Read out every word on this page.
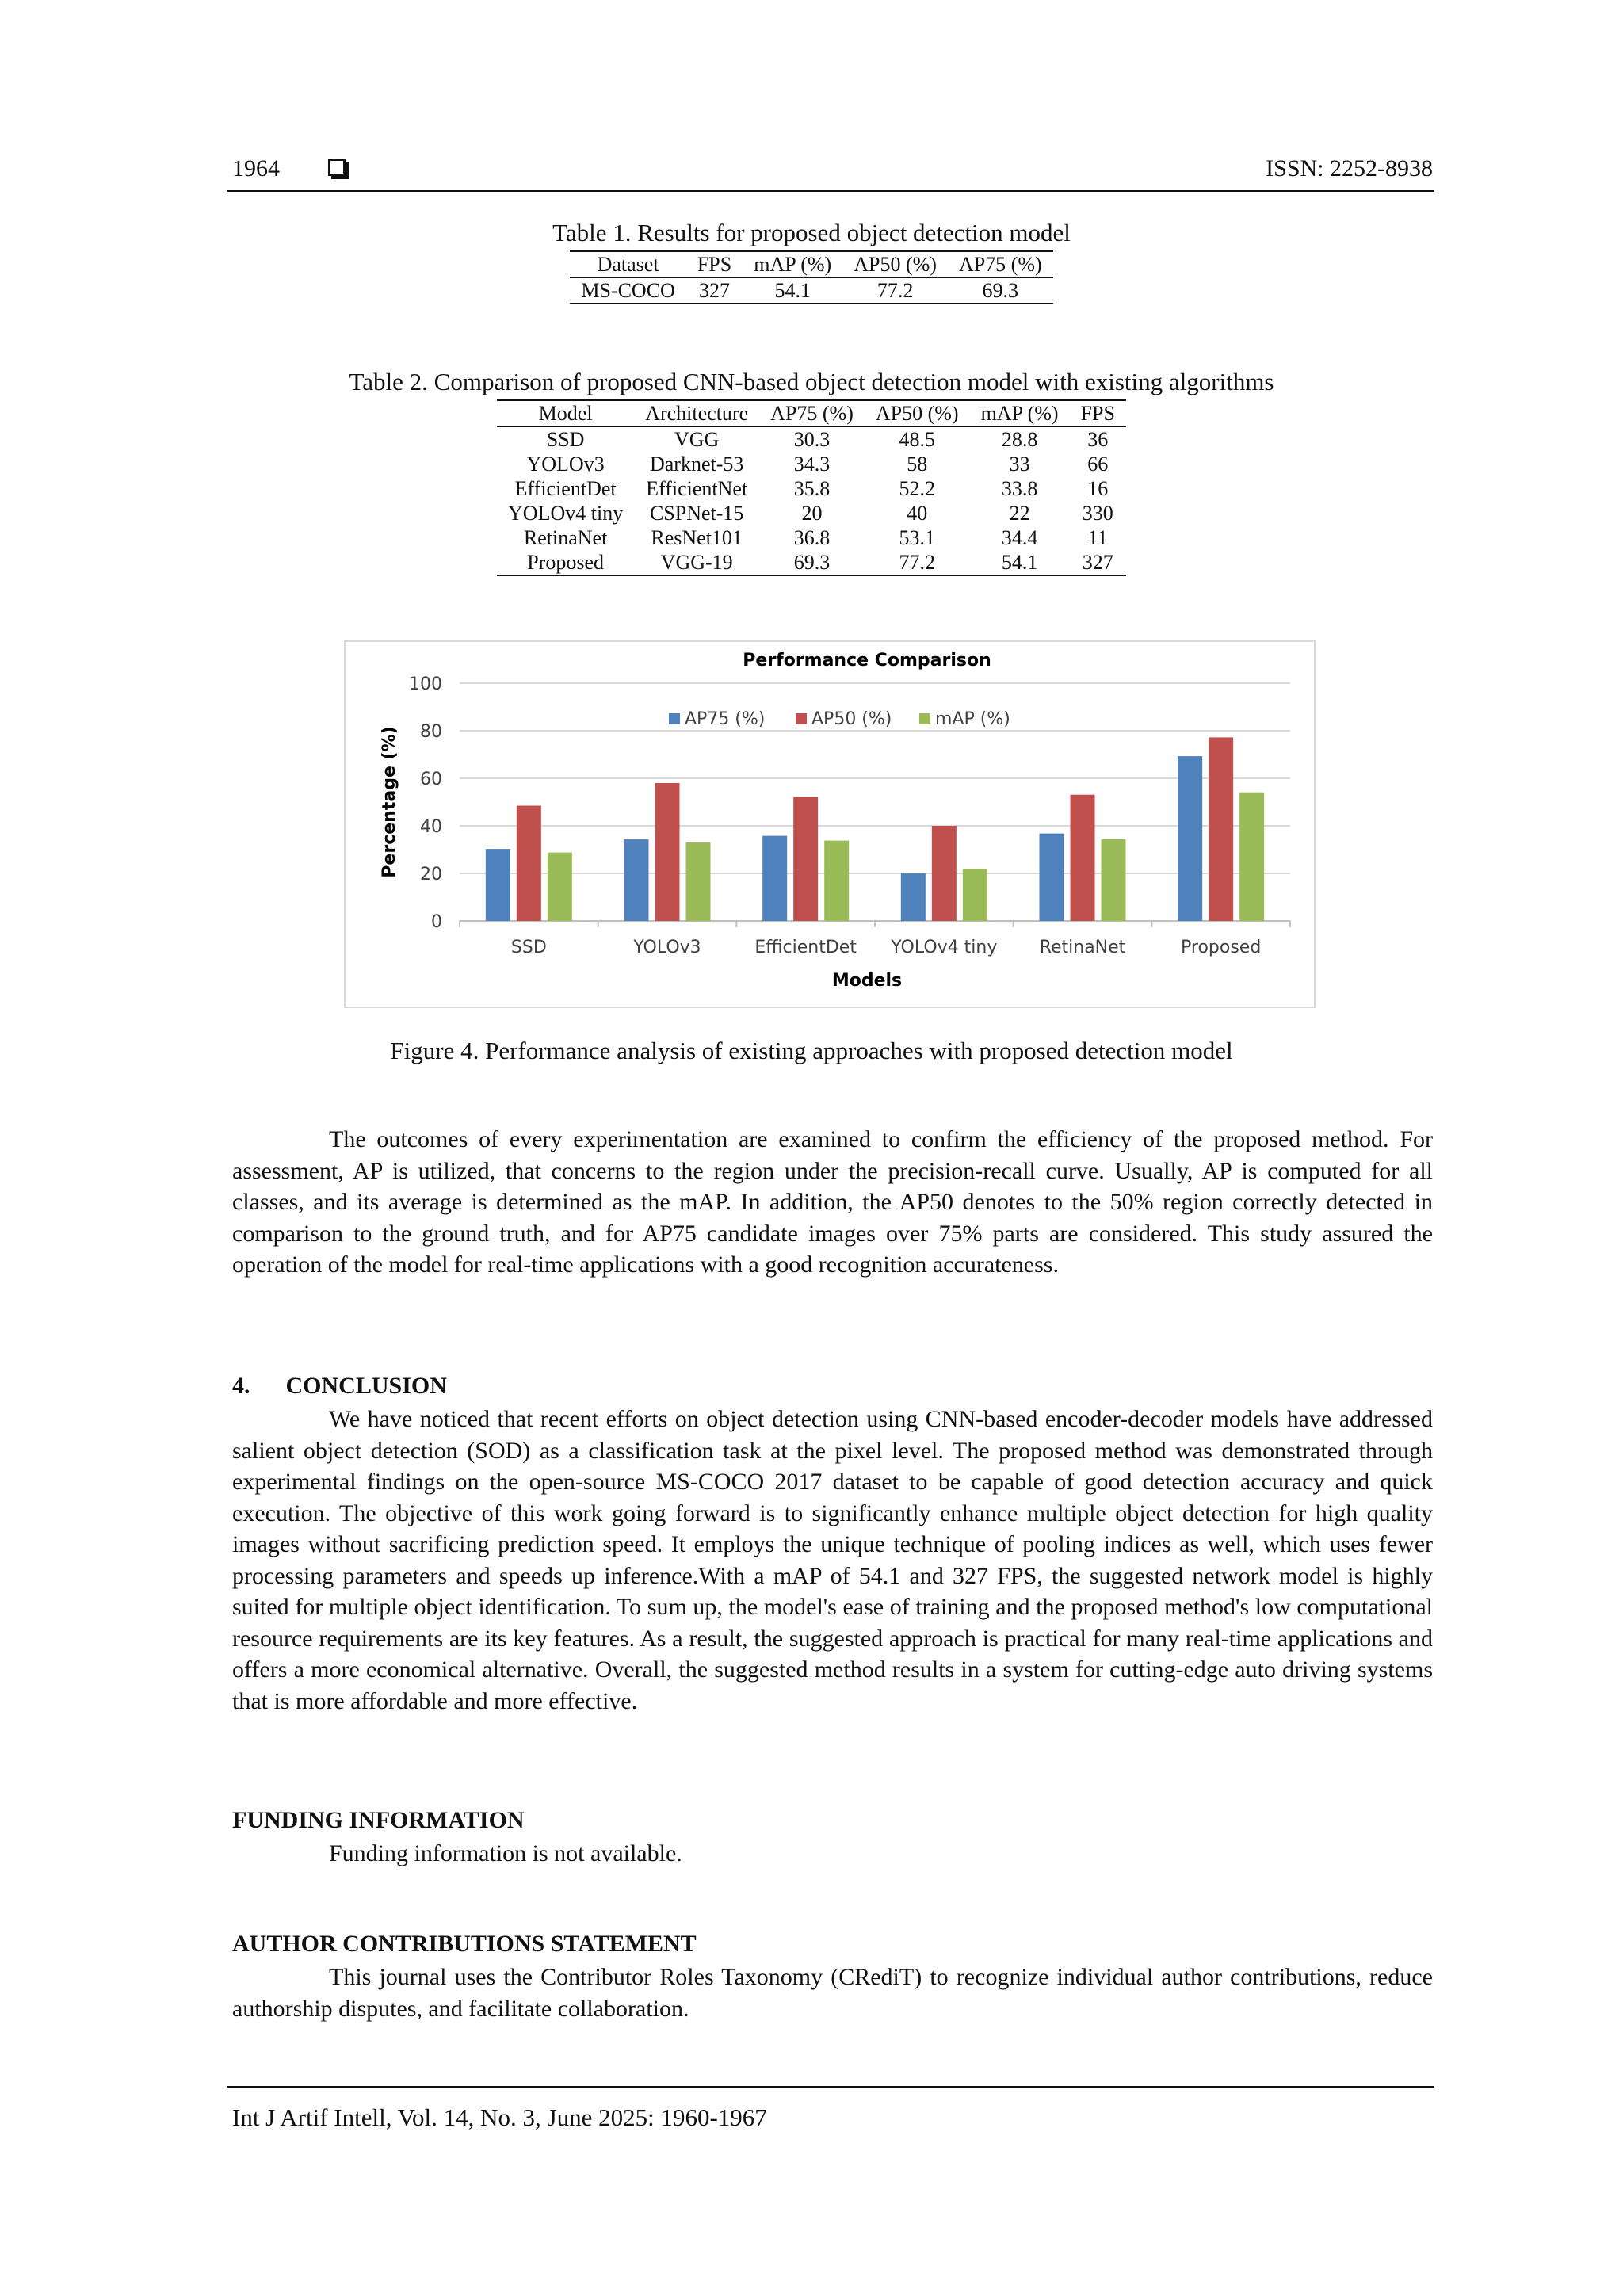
1964	ISSN: 2252-8938
Table 1. Results for proposed object detection model
Dataset	FPS	mAP (%)	AP50 (%)	AP75 (%)
MS-COCO	327	54.1	77.2	69.3
Table 2. Comparison of proposed CNN-based object detection model with existing algorithms
Model	Architecture	AP75 (%)	AP50 (%)	mAP (%)	FPS
SSD	VGG	30.3	48.5	28.8	36
YOLOv3	Darknet-53	34.3	58	33	66
EfficientDet	EfficientNet	35.8	52.2	33.8	16
YOLOv4 tiny	CSPNet-15	20	40	22	330
RetinaNet	ResNet101	36.8	53.1	34.4	11
Proposed	VGG-19	69.3	77.2	54.1	327
Performance Comparison
0
20
40
60
80
100
Percentage (%)
SSD	YOLOv3	EfficientDet YOLOv4 tiny RetinaNet	Proposed
Models
AP75 (%)	AP50 (%) mAP (%)
Figure 4. Performance analysis of existing approaches with proposed detection model
The outcomes of every experimentation are examined to confirm the efficiency of the proposed method. For assessment, AP is utilized, that concerns to the region under the precision-recall curve. Usually, AP is computed for all classes, and its average is determined as the mAP. In addition, the AP50 denotes to the 50% region correctly detected in comparison to the ground truth, and for AP75 candidate images over 75% parts are considered. This study assured the operation of the model for real-time applications with a good recognition accurateness.
4.  CONCLUSION
We have noticed that recent efforts on object detection using CNN-based encoder-decoder models have addressed salient object detection (SOD) as a classification task at the pixel level. The proposed method was demonstrated through experimental findings on the open-source MS-COCO 2017 dataset to be capable of good detection accuracy and quick execution. The objective of this work going forward is to significantly enhance multiple object detection for high quality images without sacrificing prediction speed. It employs the unique technique of pooling indices as well, which uses fewer processing parameters and speeds up inference.With a mAP of 54.1 and 327 FPS, the suggested network model is highly suited for multiple object identification. To sum up, the model's ease of training and the proposed method's low computational resource requirements are its key features. As a result, the suggested approach is practical for many real-time applications and offers a more economical alternative. Overall, the suggested method results in a system for cutting-edge auto driving systems that is more affordable and more effective.
FUNDING INFORMATION
Funding information is not available.
AUTHOR CONTRIBUTIONS STATEMENT
This journal uses the Contributor Roles Taxonomy (CRediT) to recognize individual author contributions, reduce authorship disputes, and facilitate collaboration.
Int J Artif Intell, Vol. 14, No. 3, June 2025: 1960-1967
